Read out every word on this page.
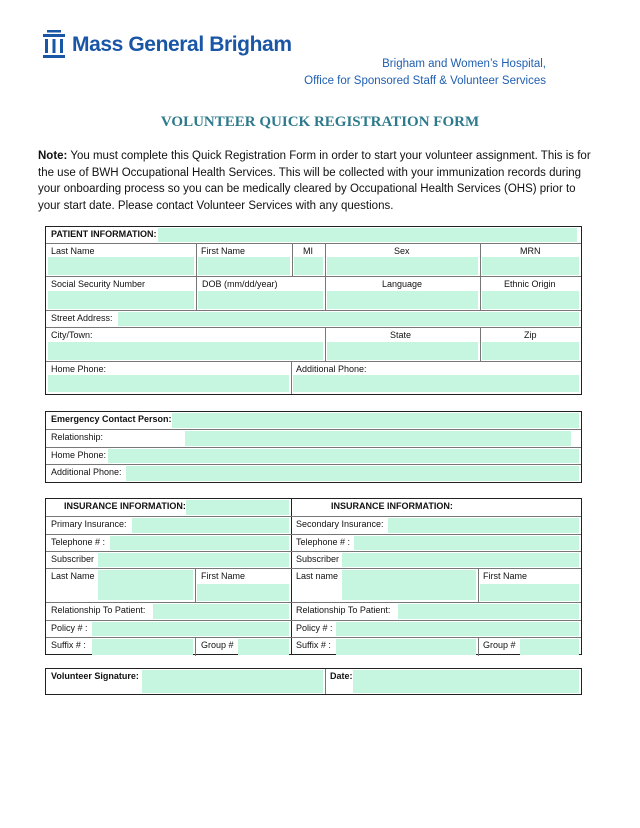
Mass General Brigham
Brigham and Women’s Hospital,
Office for Sponsored Staff & Volunteer Services
VOLUNTEER QUICK REGISTRATION FORM
Note: You must complete this Quick Registration Form in order to start your volunteer assignment. This is for the use of BWH Occupational Health Services. This will be collected with your immunization records during your onboarding process so you can be medically cleared by Occupational Health Services (OHS) prior to your start date. Please contact Volunteer Services with any questions.
PATIENT INFORMATION:
Last Name	First Name	MI	Sex	MRN
Social Security Number	DOB (mm/dd/year)	Language	Ethnic Origin
Street Address:
City/Town:	State	Zip
Home Phone:	Additional Phone:
Emergency Contact Person:
Relationship:
Home Phone:
Additional Phone:
INSURANCE INFORMATION:	INSURANCE INFORMATION:
Primary Insurance:	Secondary Insurance:
Telephone # :	Telephone # :
Subscriber	Subscriber
Last Name	First Name	Last name	First Name
Relationship To Patient:	Relationship To Patient:
Policy # :	Policy # :
Suffix # :	Group #	Suffix # :	Group #
Volunteer Signature:	Date:
